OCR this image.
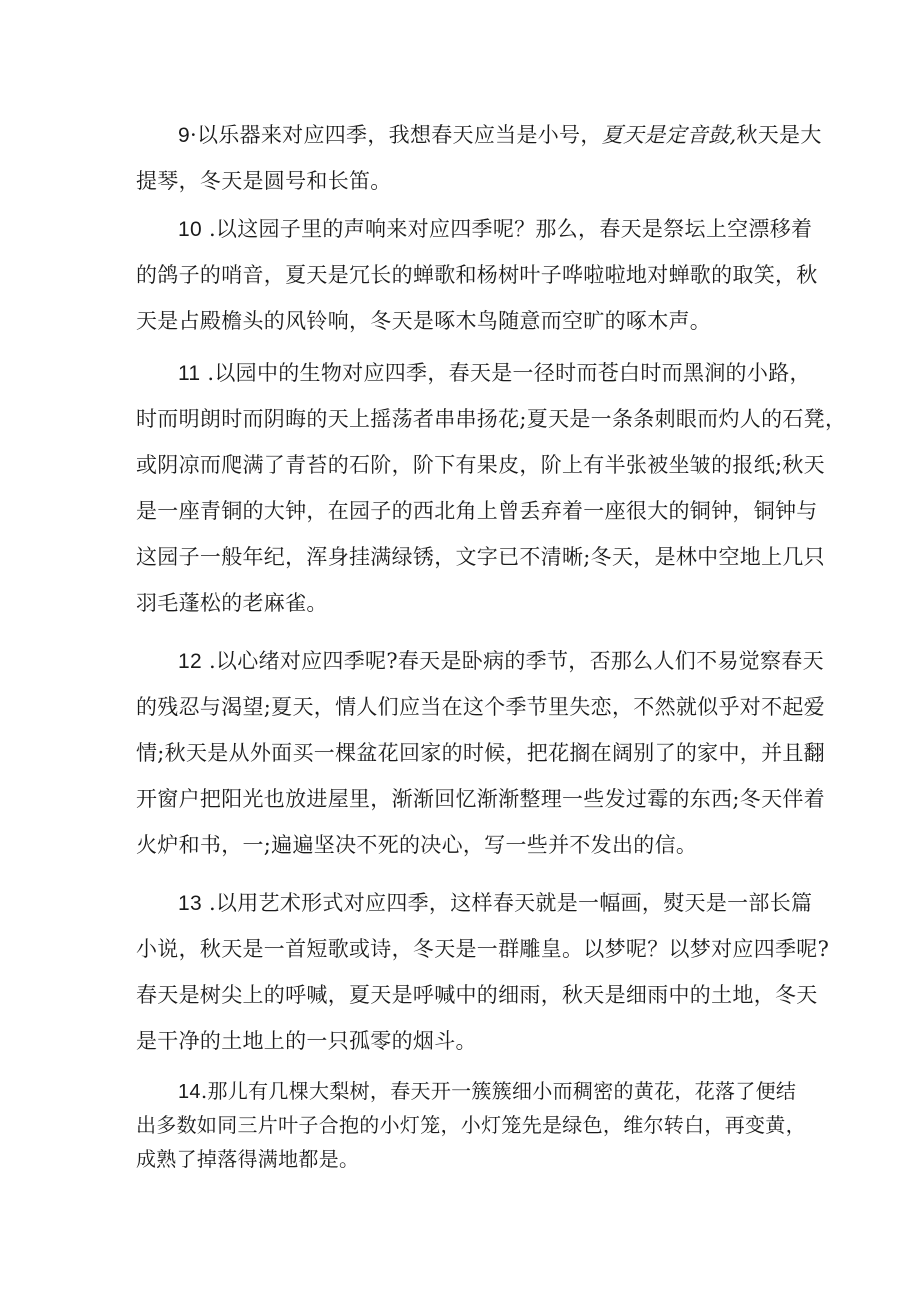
9·以乐器来对应四季，我想春天应当是小号，夏天是定音鼓,秋天是大
提琴，冬天是圆号和长笛。
10 .以这园子里的声响来对应四季呢？那么，春天是祭坛上空漂移着
的鸽子的哨音，夏天是冗长的蝉歌和杨树叶子哗啦啦地对蝉歌的取笑，秋
天是占殿檐头的风铃响，冬天是啄木鸟随意而空旷的啄木声。
11 .以园中的生物对应四季，春天是一径时而苍白时而黑涧的小路，
时而明朗时而阴晦的天上摇荡者串串扬花;夏天是一条条刺眼而灼人的石凳，
或阴凉而爬满了青苔的石阶，阶下有果皮，阶上有半张被坐皱的报纸;秋天
是一座青铜的大钟，在园子的西北角上曾丢弃着一座很大的铜钟，铜钟与
这园子一般年纪，浑身挂满绿锈，文字已不清晰;冬天，是林中空地上几只
羽毛蓬松的老麻雀。
12 .以心绪对应四季呢?春天是卧病的季节，否那么人们不易觉察春天
的残忍与渴望;夏天，情人们应当在这个季节里失恋，不然就似乎对不起爱
情;秋天是从外面买一棵盆花回家的时候，把花搁在阔别了的家中，并且翻
开窗户把阳光也放进屋里，渐渐回忆渐渐整理一些发过霉的东西;冬天伴着
火炉和书，一;遍遍坚决不死的决心，写一些并不发出的信。
13 .以用艺术形式对应四季，这样春天就是一幅画，熨天是一部长篇
小说，秋天是一首短歌或诗，冬天是一群雕皇。以梦呢？以梦对应四季呢?
春天是树尖上的呼喊，夏天是呼喊中的细雨，秋天是细雨中的土地，冬天
是干净的土地上的一只孤零的烟斗。
14.那儿有几棵大梨树，春天开一簇簇细小而稠密的黄花，花落了便结
出多数如同三片叶子合抱的小灯笼，小灯笼先是绿色，维尔转白，再变黄，
成熟了掉落得满地都是。
